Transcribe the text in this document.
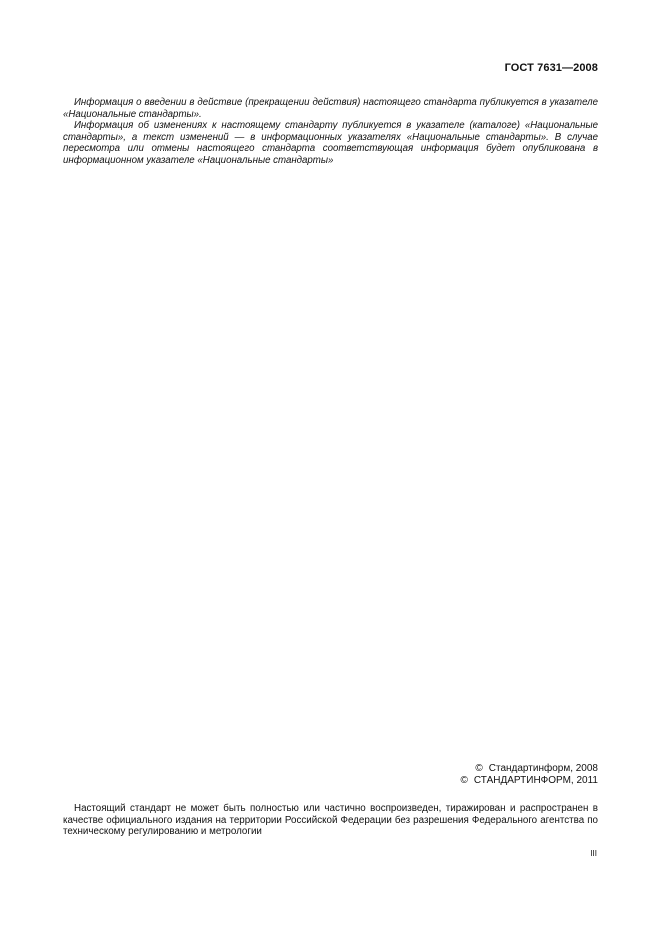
ГОСТ 7631—2008

Информация о введении в действие (прекращении действия) настоящего стандарта публикуется в указателе «Национальные стандарты».

Информация об изменениях к настоящему стандарту публикуется в указателе (каталоге) «Национальные стандарты», а текст изменений — в информационных указателях «Национальные стандарты». В случае пересмотра или отмены настоящего стандарта соответствующая информация будет опубликована в информационном указателе «Национальные стандарты»

© Стандартинформ, 2008
© СТАНДАРТИНФОРМ, 2011

Настоящий стандарт не может быть полностью или частично воспроизведен, тиражирован и распространен в качестве официального издания на территории Российской Федерации без разрешения Федерального агентства по техническому регулированию и метрологии

III
